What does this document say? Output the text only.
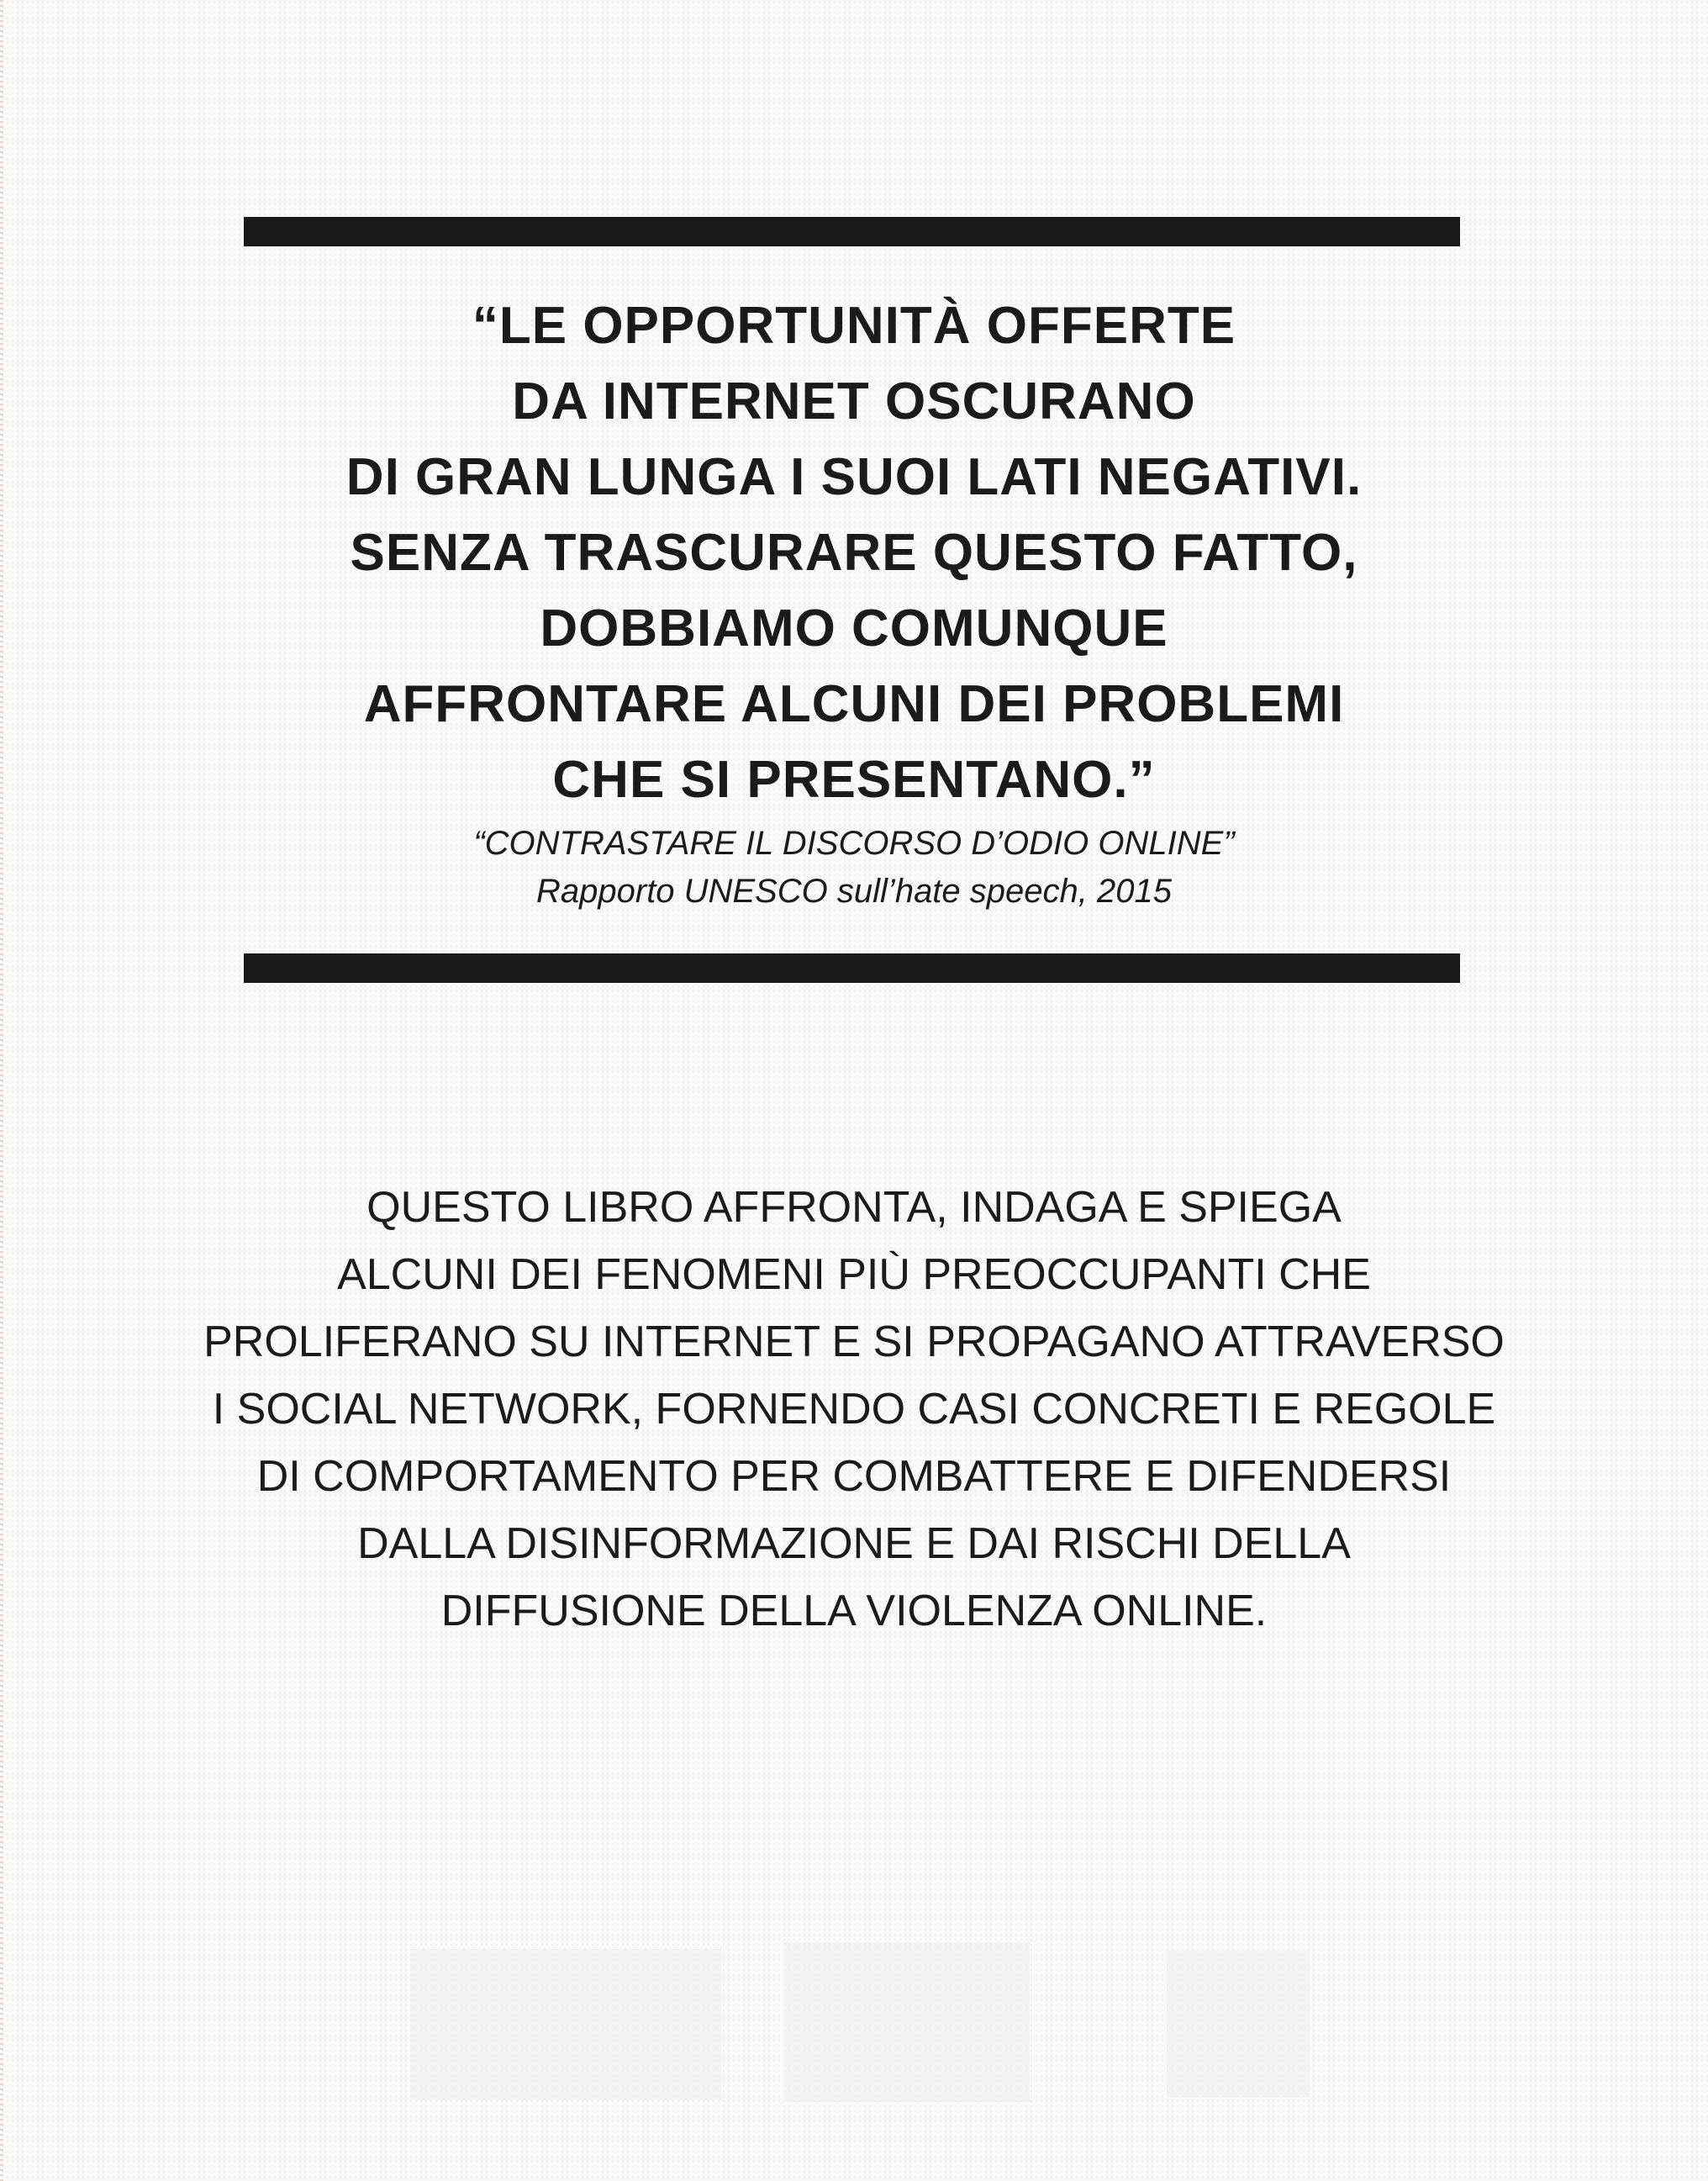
“LE OPPORTUNITÀ OFFERTE
DA INTERNET OSCURANO
DI GRAN LUNGA I SUOI LATI NEGATIVI.
SENZA TRASCURARE QUESTO FATTO,
DOBBIAMO COMUNQUE
AFFRONTARE ALCUNI DEI PROBLEMI
CHE SI PRESENTANO.”
“CONTRASTARE IL DISCORSO D’ODIO ONLINE”
Rapporto UNESCO sull’hate speech, 2015
QUESTO LIBRO AFFRONTA, INDAGA E SPIEGA
ALCUNI DEI FENOMENI PIÙ PREOCCUPANTI CHE
PROLIFERANO SU INTERNET E SI PROPAGANO ATTRAVERSO
I SOCIAL NETWORK, FORNENDO CASI CONCRETI E REGOLE
DI COMPORTAMENTO PER COMBATTERE E DIFENDERSI
DALLA DISINFORMAZIONE E DAI RISCHI DELLA
DIFFUSIONE DELLA VIOLENZA ONLINE.
